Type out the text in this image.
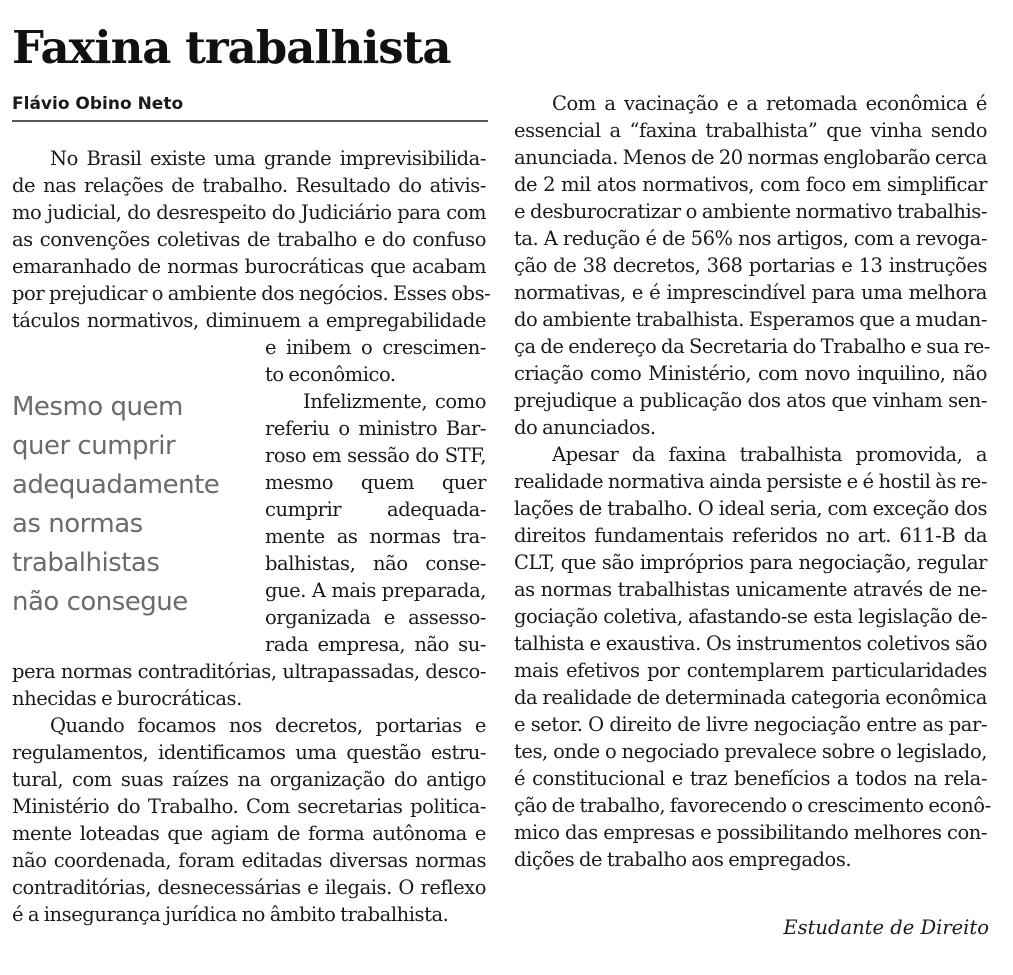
Faxina trabalhista
Flávio Obino Neto
Mesmo quem
quer cumprir
adequadamente
as normas
trabalhistas
não consegue
No Brasil existe uma grande imprevisibilida-
de nas relações de trabalho. Resultado do ativis-
mo judicial, do desrespeito do Judiciário para com
as convenções coletivas de trabalho e do confuso
emaranhado de normas burocráticas que acabam
por prejudicar o ambiente dos negócios. Esses obs-
táculos normativos, diminuem a empregabilidade
e inibem o crescimen-
to econômico.
Infelizmente, como
referiu o ministro Bar-
roso em sessão do STF,
mesmo quem quer
cumprir adequada-
mente as normas tra-
balhistas, não conse-
gue. A mais preparada,
organizada e assesso-
rada empresa, não su-
pera normas contraditórias, ultrapassadas, desco-
nhecidas e burocráticas.
Quando focamos nos decretos, portarias e
regulamentos, identificamos uma questão estru-
tural, com suas raízes na organização do antigo
Ministério do Trabalho. Com secretarias politica-
mente loteadas que agiam de forma autônoma e
não coordenada, foram editadas diversas normas
contraditórias, desnecessárias e ilegais. O reflexo
é a insegurança jurídica no âmbito trabalhista.
Com a vacinação e a retomada econômica é
essencial a “faxina trabalhista” que vinha sendo
anunciada. Menos de 20 normas englobarão cerca
de 2 mil atos normativos, com foco em simplificar
e desburocratizar o ambiente normativo trabalhis-
ta. A redução é de 56% nos artigos, com a revoga-
ção de 38 decretos, 368 portarias e 13 instruções
normativas, e é imprescindível para uma melhora
do ambiente trabalhista. Esperamos que a mudan-
ça de endereço da Secretaria do Trabalho e sua re-
criação como Ministério, com novo inquilino, não
prejudique a publicação dos atos que vinham sen-
do anunciados.
Apesar da faxina trabalhista promovida, a
realidade normativa ainda persiste e é hostil às re-
lações de trabalho. O ideal seria, com exceção dos
direitos fundamentais referidos no art. 611-B da
CLT, que são impróprios para negociação, regular
as normas trabalhistas unicamente através de ne-
gociação coletiva, afastando-se esta legislação de-
talhista e exaustiva. Os instrumentos coletivos são
mais efetivos por contemplarem particularidades
da realidade de determinada categoria econômica
e setor. O direito de livre negociação entre as par-
tes, onde o negociado prevalece sobre o legislado,
é constitucional e traz benefícios a todos na rela-
ção de trabalho, favorecendo o crescimento econô-
mico das empresas e possibilitando melhores con-
dições de trabalho aos empregados.
Estudante de Direito
